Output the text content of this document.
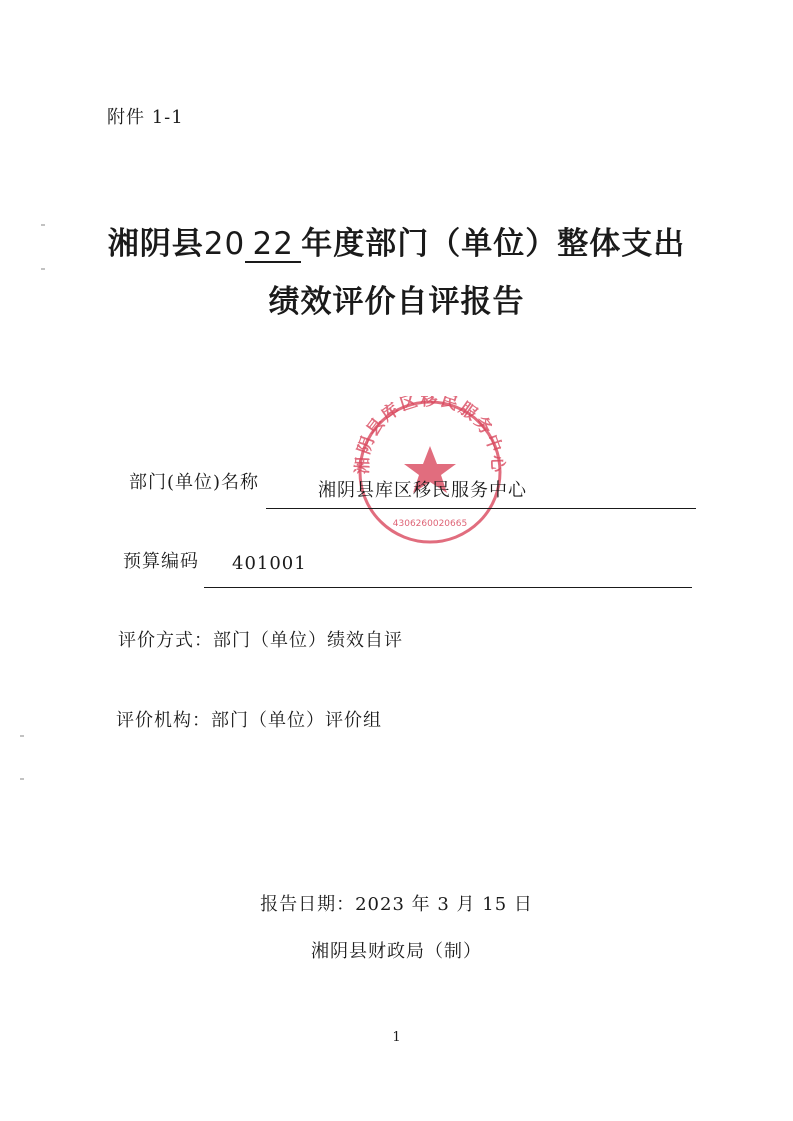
附件 1-1
湘阴县20 22 年度部门（单位）整体支出
绩效评价自评报告
湘阴县库区移民服务中心
4306260020665
部门(单位)名称	湘阴县库区移民服务中心
预算编码 401001
评价方式：部门（单位）绩效自评
评价机构：部门（单位）评价组
报告日期：2023 年 3 月 15 日
湘阴县财政局（制）
1
